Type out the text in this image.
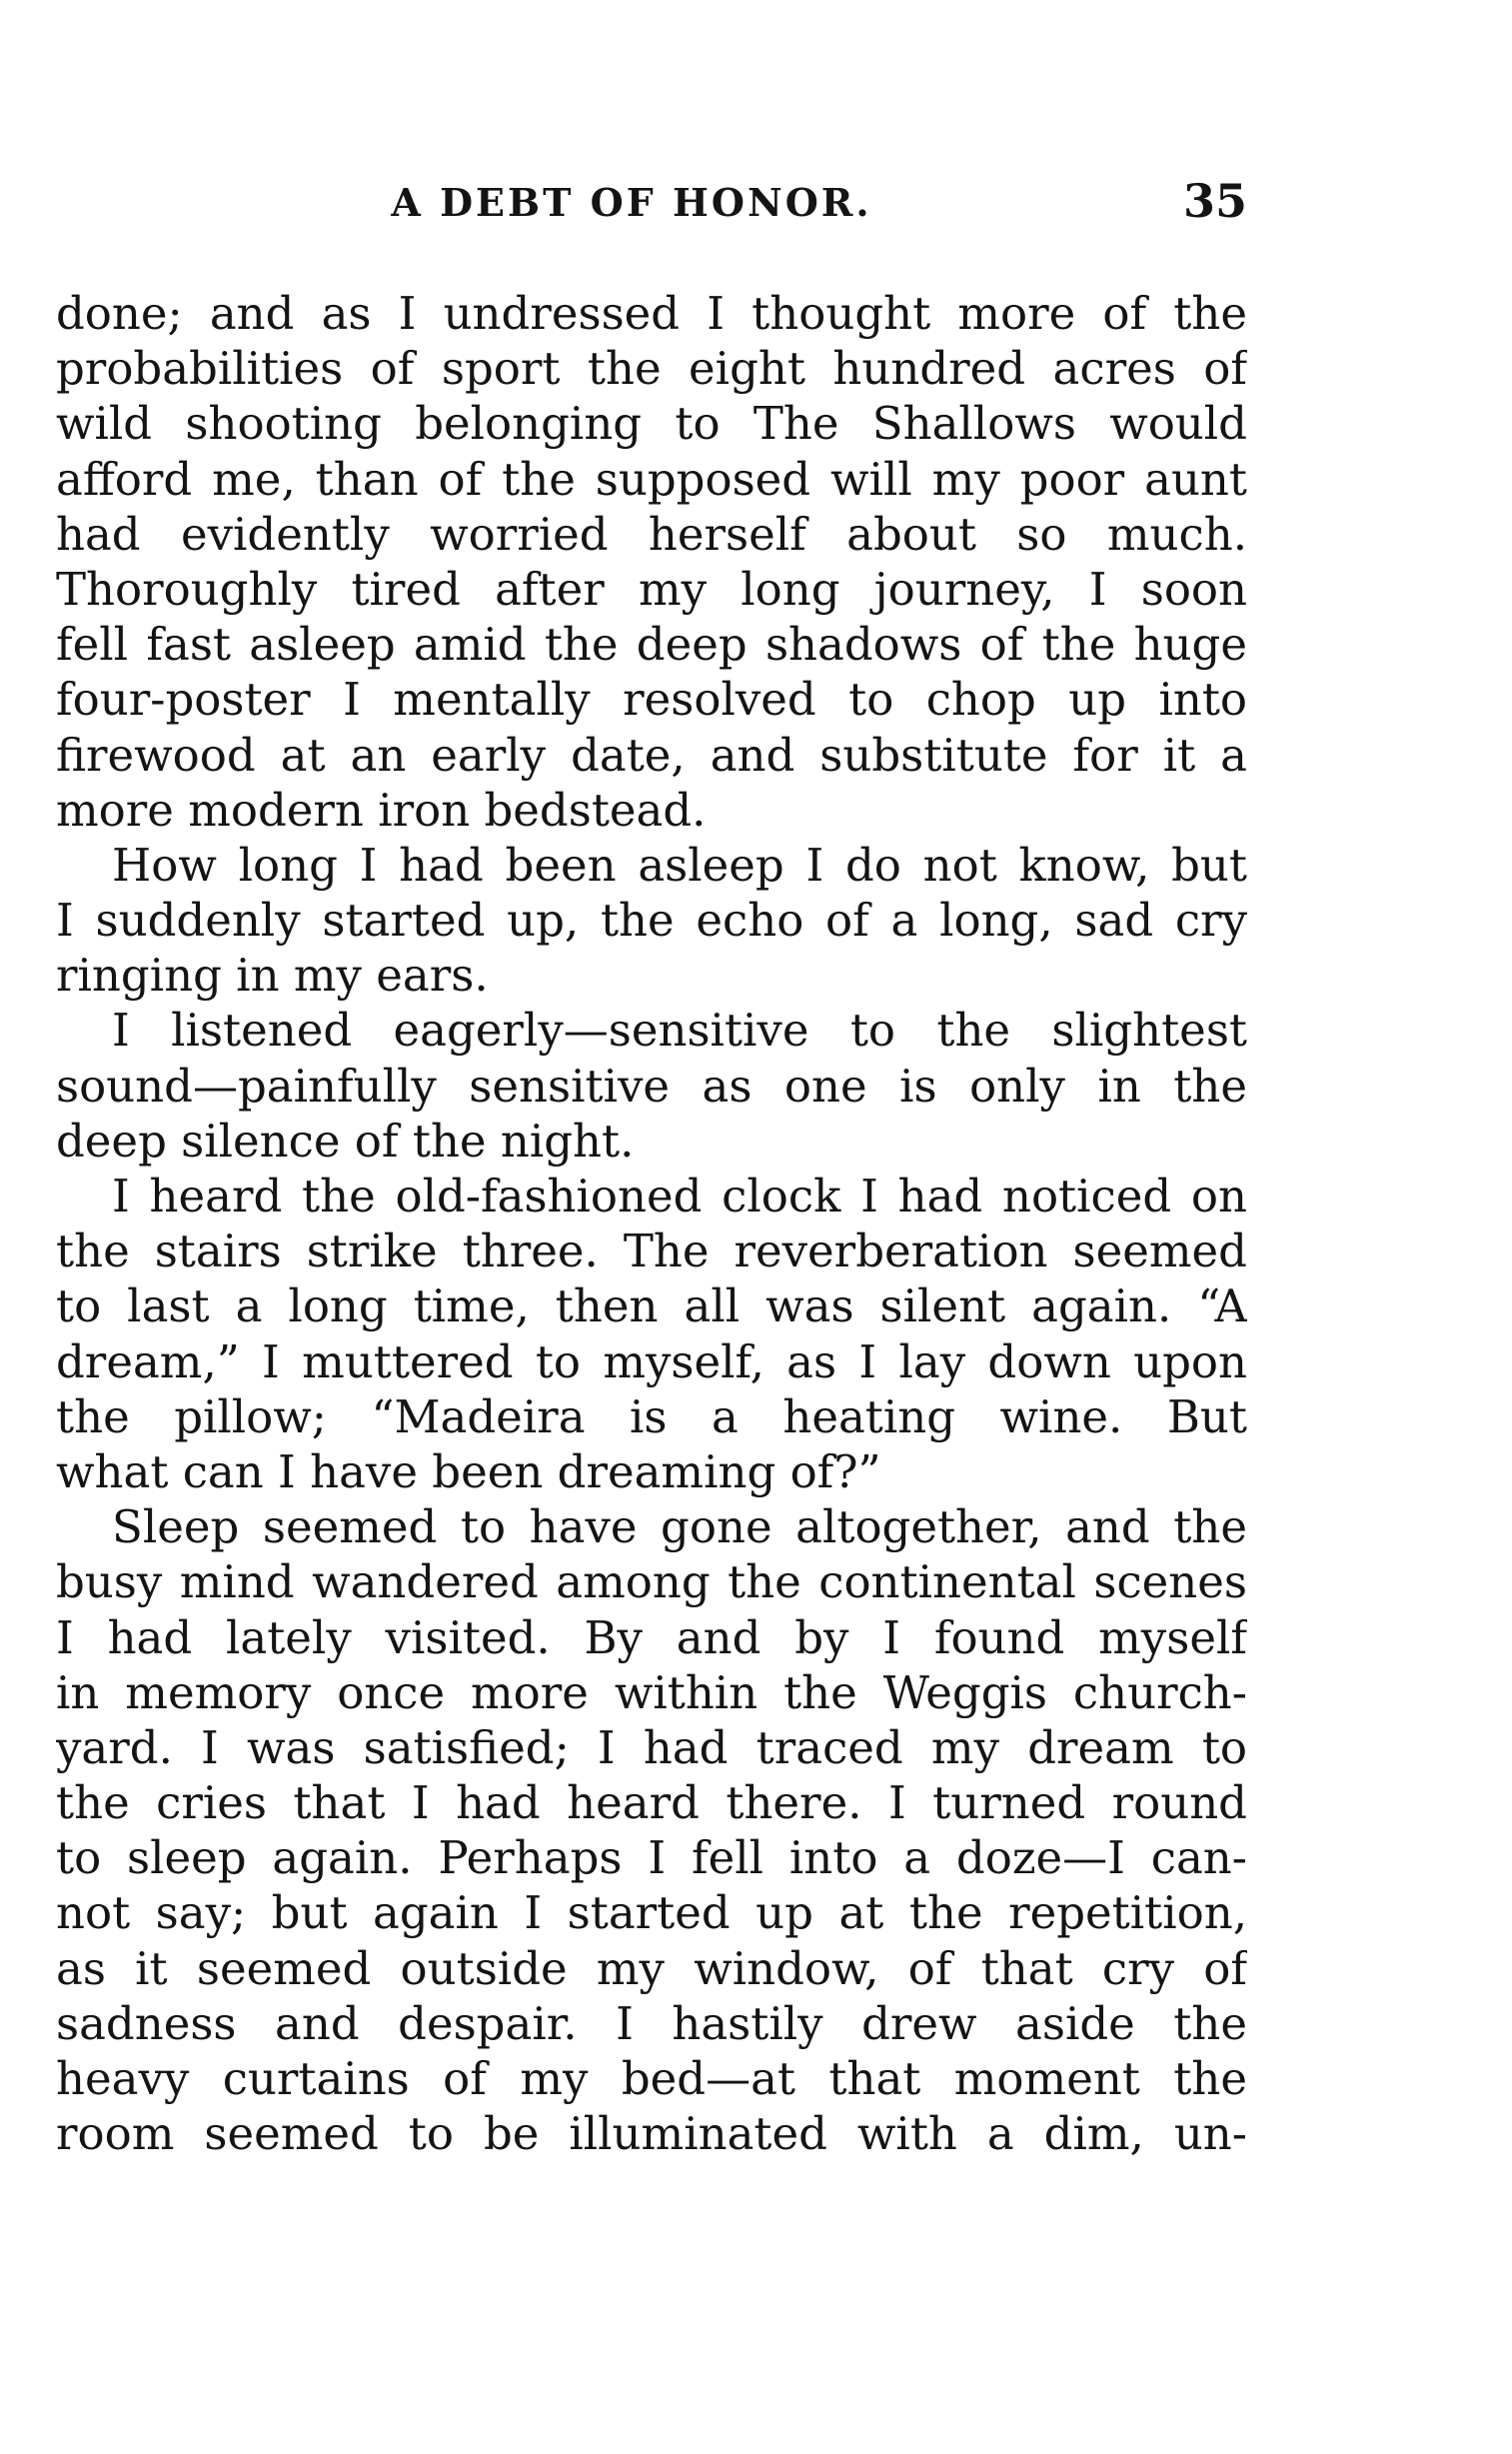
A DEBT OF HONOR.	35
done; and as I undressed I thought more of the
probabilities of sport the eight hundred acres of
wild shooting belonging to The Shallows would
afford me, than of the supposed will my poor aunt
had evidently worried herself about so much.
Thoroughly tired after my long journey, I soon
fell fast asleep amid the deep shadows of the huge
four-poster I mentally resolved to chop up into
firewood at an early date, and substitute for it a
more modern iron bedstead.
How long I had been asleep I do not know, but
I suddenly started up, the echo of a long, sad cry
ringing in my ears.
I listened eagerly—sensitive to the slightest
sound—painfully sensitive as one is only in the
deep silence of the night.
I heard the old-fashioned clock I had noticed on
the stairs strike three. The reverberation seemed
to last a long time, then all was silent again. “A
dream,” I muttered to myself, as I lay down upon
the pillow; “Madeira is a heating wine. But
what can I have been dreaming of?”
Sleep seemed to have gone altogether, and the
busy mind wandered among the continental scenes
I had lately visited. By and by I found myself
in memory once more within the Weggis church-
yard. I was satisfied; I had traced my dream to
the cries that I had heard there. I turned round
to sleep again. Perhaps I fell into a doze—I can-
not say; but again I started up at the repetition,
as it seemed outside my window, of that cry of
sadness and despair. I hastily drew aside the
heavy curtains of my bed—at that moment the
room seemed to be illuminated with a dim, un-
